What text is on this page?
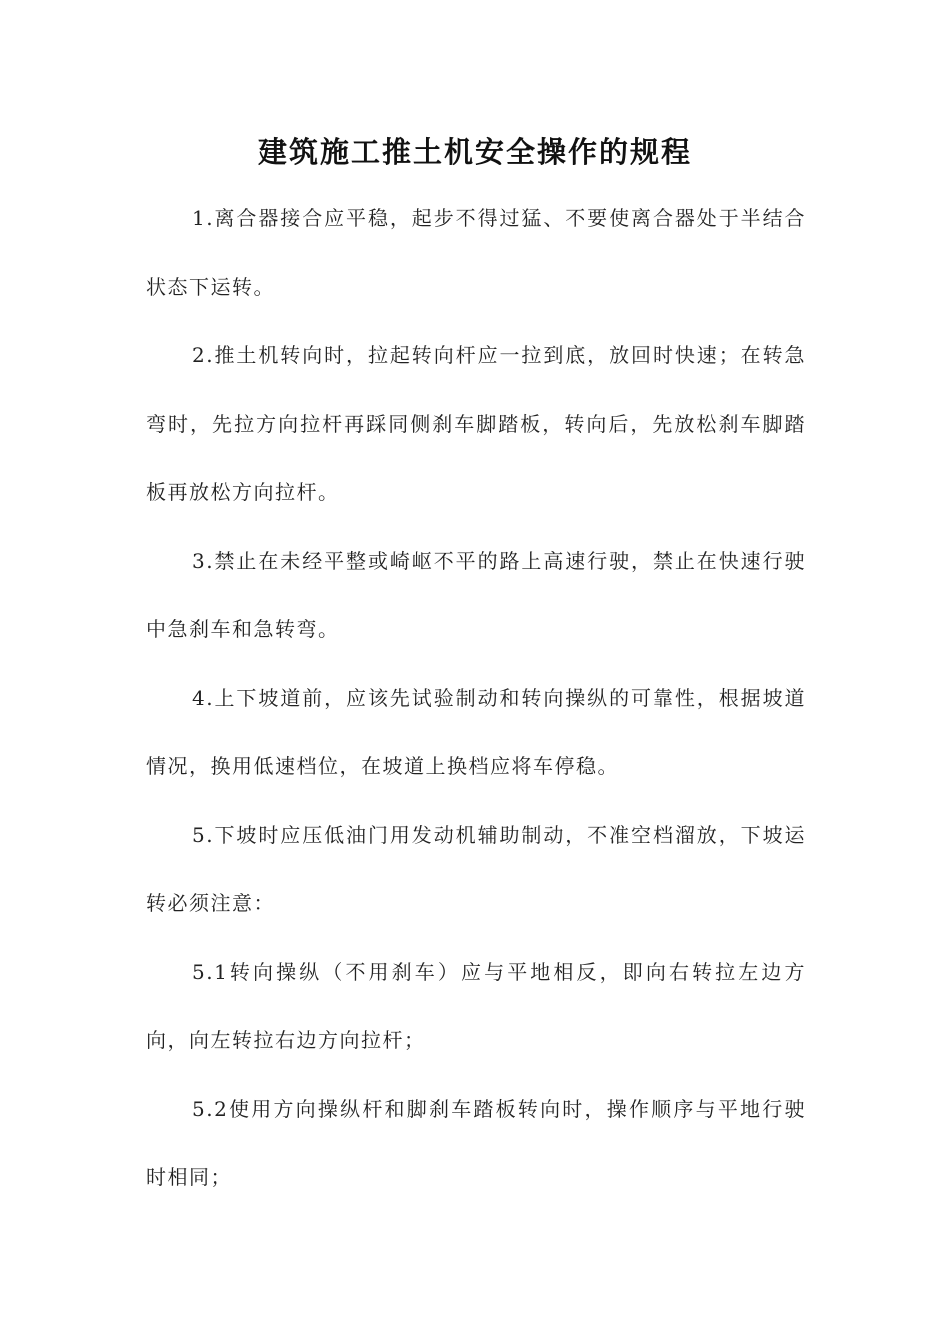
建筑施工推土机安全操作的规程

1.离合器接合应平稳，起步不得过猛、不要使离合器处于半结合状态下运转。

2.推土机转向时，拉起转向杆应一拉到底，放回时快速；在转急弯时，先拉方向拉杆再踩同侧刹车脚踏板，转向后，先放松刹车脚踏板再放松方向拉杆。

3.禁止在未经平整或崎岖不平的路上高速行驶，禁止在快速行驶中急刹车和急转弯。

4.上下坡道前，应该先试验制动和转向操纵的可靠性，根据坡道情况，换用低速档位，在坡道上换档应将车停稳。

5.下坡时应压低油门用发动机辅助制动，不准空档溜放，下坡运转必须注意：

5.1转向操纵（不用刹车）应与平地相反，即向右转拉左边方向，向左转拉右边方向拉杆；

5.2使用方向操纵杆和脚刹车踏板转向时，操作顺序与平地行驶时相同；
